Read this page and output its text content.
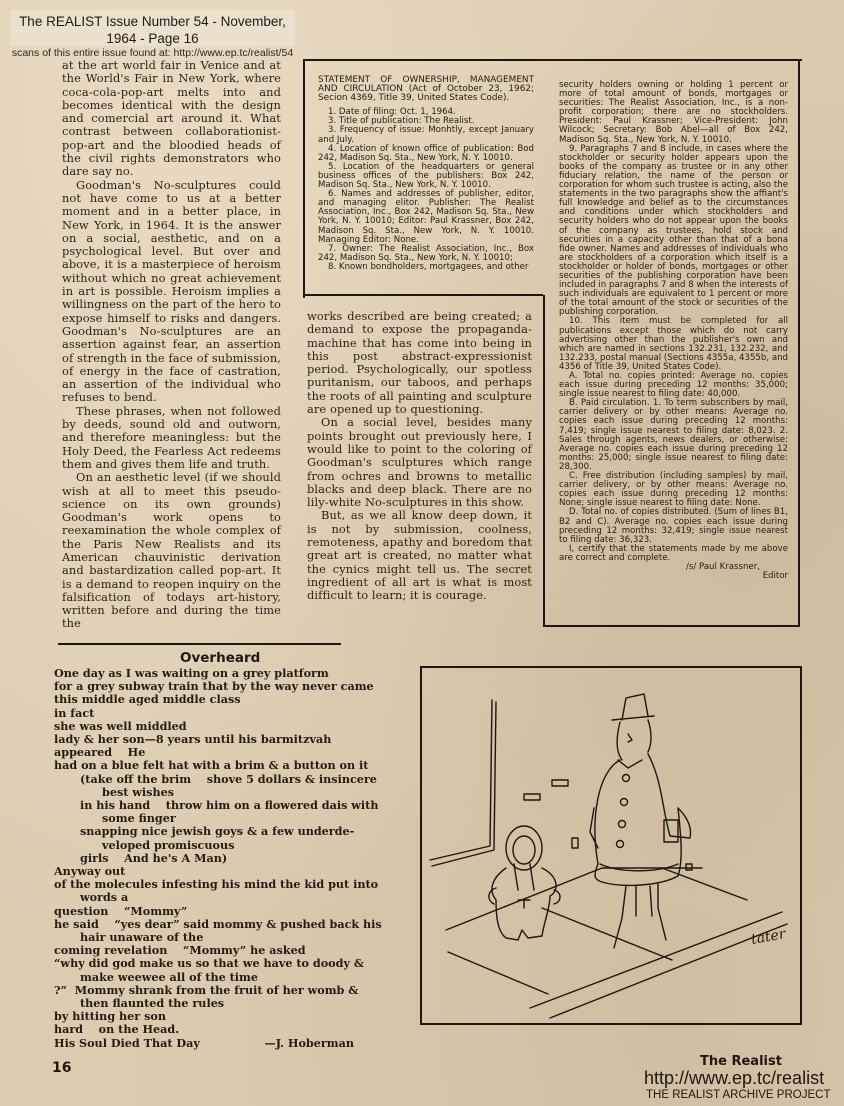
The REALIST Issue Number 54 - November, 1964 - Page 16
scans of this entire issue found at: http://www.ep.tc/realist/54

at the art world fair in Venice and at the World's Fair in New York, where coca-cola-pop-art melts into and becomes identical with the design and comercial art around it. What contrast between collaborationist-pop-art and the bloodied heads of the civil rights demonstrators who dare say no.

Goodman's No-sculptures could not have come to us at a better moment and in a better place, in New York, in 1964. It is the answer on a social, aesthetic, and on a psychological level. But over and above, it is a masterpiece of heroism without which no great achievement in art is possible. Heroism implies a willingness on the part of the hero to expose himself to risks and dangers. Goodman's No-sculptures are an assertion against fear, an assertion of strength in the face of submission, of energy in the face of castration, an assertion of the individual who refuses to bend.

These phrases, when not followed by deeds, sound old and outworn, and therefore meaningless: but the Holy Deed, the Fearless Act redeems them and gives them life and truth.

On an aesthetic level (if we should wish at all to meet this pseudo-science on its own grounds) Goodman's work opens to reexamination the whole complex of the Paris New Realists and its American chauvinistic derivation and bastardization called pop-art. It is a demand to reopen inquiry on the falsification of todays art-history, written before and during the time the

STATEMENT OF OWNERSHIP, MANAGEMENT AND CIRCULATION (Act of October 23, 1962; Secion 4369, Title 39, United States Code).

1. Date of filing: Oct. 1, 1964.

3. Title of publication: The Realist.

3. Frequency of issue: Monhtly, except January and July.

4. Location of known office of publication: Bod 242, Madison Sq. Sta., New York, N. Y. 10010.

5. Location of the headquarters or general business offices of the publishers: Box 242, Madison Sq. Sta., New York, N. Y. 10010.

6. Names and addresses of publisher, editor, and managing elitor. Publisher: The Realist Association, Inc., Box 242, Madison Sq. Sta., New York, N. Y. 10010; Editor: Paul Krassner, Box 242, Madison Sq. Sta., New York, N. Y. 10010. Managing Editor: None.

7. Owner: The Realist Association, Inc., Box 242, Madison Sq. Sta., New York, N. Y. 10010;

8. Known bondholders, mortgagees, and other

security holders owning or holding 1 percent or more of total amount of bonds, mortgages or securities: The Realist Association, Inc., is a non-profit corporation; there are no stockholders. President: Paul Krassner; Vice-President: John Wilcock; Secretary: Bob Abel—all of Box 242, Madison Sq. Sta., New York, N. Y. 10010.

9. Paragraphs 7 and 8 include, in cases where the stockholder or security holder appears upon the books of the company as trustee or in any other fiduciary relation, the name of the person or corporation for whom such trustee is acting, also the statements in the two paragraphs show the affiant's full knowledge and belief as to the circumstances and conditions under which stockholders and security holders who do not appear upon the books of the company as trustees, hold stock and securities in a capacity other than that of a bona fide owner. Names and addresses of individuals who are stockholders of a corporation which itself is a stockholder or holder of bonds, mortgages or other securities of the publishing corporation have been included in paragraphs 7 and 8 when the interests of such individuals are equivalent to 1 percent or more of the total amount of the stock or securities of the publishing corporation.

10. This item must be completed for all publications except those which do not carry advertising other than the publisher's own and which are named in sections 132.231, 132.232, and 132.233, postal manual (Sections 4355a, 4355b, and 4356 of Title 39, United States Code).

A. Total no. copies printed: Average no. copies each issue during preceding 12 months: 35,000; single issue nearest to filing date: 40,000.

B. Paid circulation. 1. To term subscribers by mail, carrier delivery or by other means: Average no. copies each issue during preceding 12 months: 7,419; single issue nearest to filing date: 8,023. 2. Sales through agents, news dealers, or otherwise: Average no. copies each issue during preceding 12 months: 25,000; single issue nearest to filing date: 28,300.

C. Free distribution (including samples) by mail, carrier delivery, or by other means: Average no. copies each issue during preceding 12 months: None; single issue nearest to filing date: None.

D. Total no. of copies distributed. (Sum of lines B1, B2 and C). Average no. copies each issue during preceding 12 months: 32,419; single issue nearest to filing date: 36,323.

I, certify that the statements made by me above are correct and complete.

/s/ Paul Krassner,

Editor

works described are being created; a demand to expose the propaganda-machine that has come into being in this post abstract-expressionist period. Psychologically, our spotless puritanism, our taboos, and perhaps the roots of all painting and sculpture are opened up to questioning.

On a social level, besides many points brought out previously here, I would like to point to the coloring of Goodman's sculptures which range from ochres and browns to metallic blacks and deep black. There are no lily-white No-sculptures in this show.

But, as we all know deep down, it is not by submission, coolness, remoteness, apathy and boredom that great art is created, no matter what the cynics might tell us. The secret ingredient of all art is what is most difficult to learn; it is courage.

Overheard
One day as I was waiting on a grey platform
for a grey subway train that by the way never came
this middle aged middle class
in fact
she was well middled
lady & her son—8 years until his barmitzvah
appeared    He
had on a blue felt hat with a brim & a button on it
(take off the brim    shove 5 dollars & insincere
best wishes
in his hand    throw him on a flowered dais with
some finger
snapping nice jewish goys & a few underde-
veloped promiscuous
girls    And he's A Man)
Anyway out
of the molecules infesting his mind the kid put into
words a
question    “Mommy”
he said    “yes dear” said mommy & pushed back his
hair unaware of the
coming revelation    “Mommy” he asked
“why did god make us so that we have to doody &
make weewee all of the time
?”  Mommy shrank from the fruit of her womb &
then flaunted the rules
by hitting her son
hard    on the Head.
His Soul Died That Day	—J. Hoberman
tater
16	The Realist
http://www.ep.tc/realist
THE REALIST ARCHIVE PROJECT
